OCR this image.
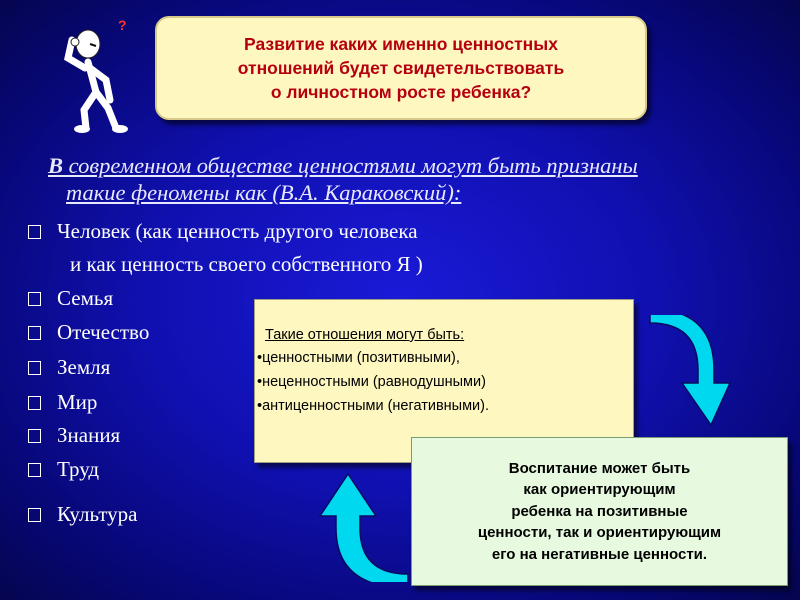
?
Развитие каких именно ценностных
отношений будет свидетельствовать
о личностном росте ребенка?
В современном обществе ценностями могут быть признаны
такие феномены как (В.А. Караковский):
Человек (как ценность другого человека
и как ценность своего собственного Я )
Семья
Отечество
Земля
Мир
Знания
Труд
Культура
Такие отношения могут быть:
•ценностными (позитивными),
•неценностными (равнодушными)
•антиценностными (негативными).
Воспитание может быть
как ориентирующим
ребенка на позитивные
ценности, так и ориентирующим
его на негативные ценности.
